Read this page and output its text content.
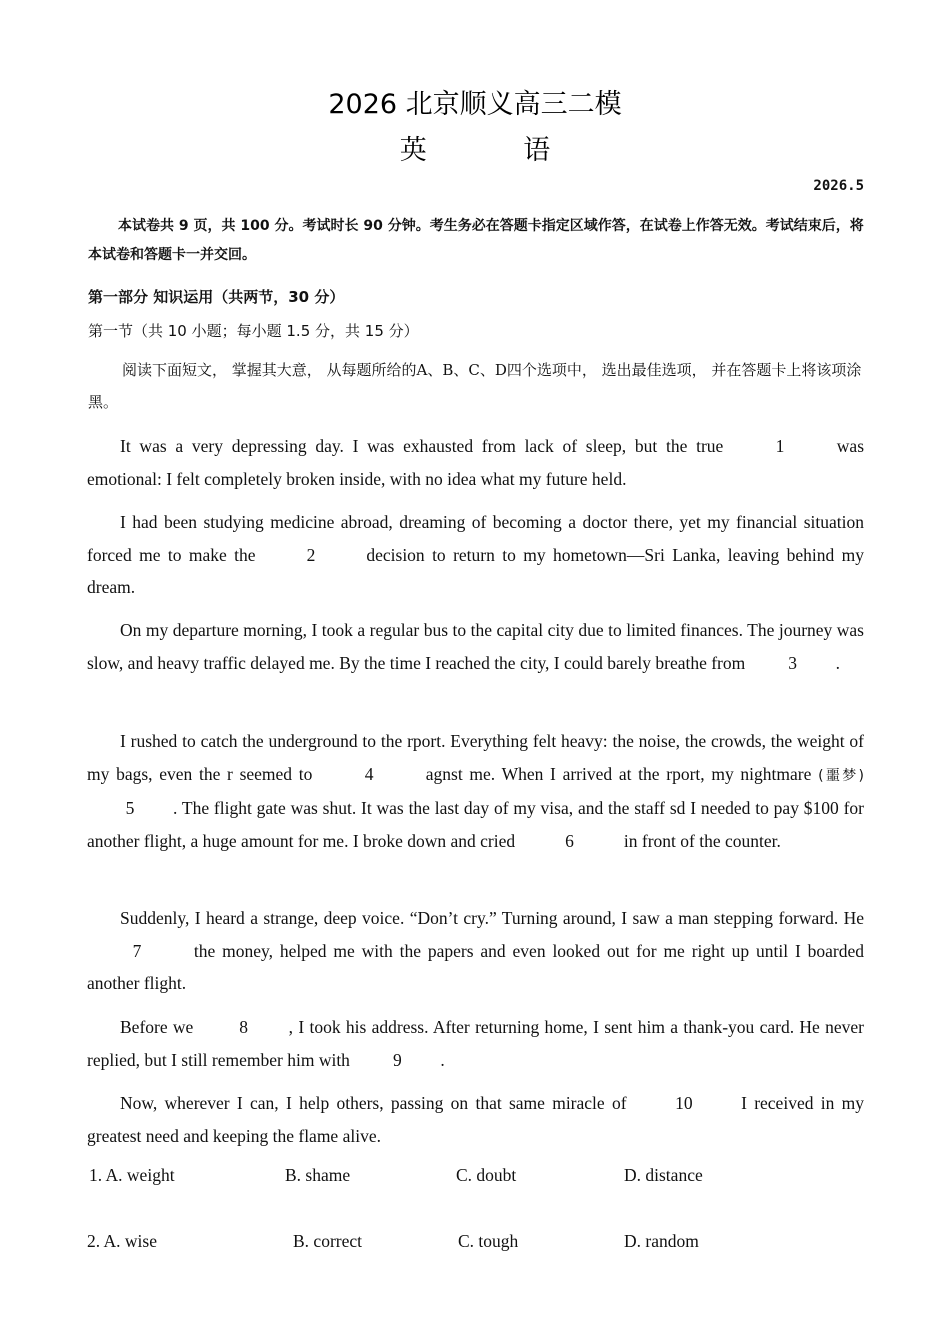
2026 北京顺义高三二模
英 语
2026.5

本试卷共 9 页，共 100 分。考试时长 90 分钟。考生务必在答题卡指定区域作答，在试卷上作答无效。考试结束后，将本试卷和答题卡一并交回。

第一部分 知识运用（共两节，30 分）
第一节（共 10 小题；每小题 1.5 分，共 15 分）

阅读下面短文， 掌握其大意， 从每题所给的A、B、C、D四个选项中， 选出最佳选项， 并在答题卡上将该项涂黑。

It was a very depressing day. I was exhausted from lack of sleep, but the true	1	was emotional: I felt completely broken inside, with no idea what my future held.

I had been studying medicine abroad, dreaming of becoming a doctor there, yet my financial situation forced me to make the	2	decision to return to my hometown—Sri Lanka, leaving behind my dream.

On my departure morning, I took a regular bus to the capital city due to limited finances. The journey was slow, and heavy traffic delayed me. By the time I reached the city, I could barely breathe from 3 .

I rushed to catch the underground to the rport. Everything felt heavy: the noise, the crowds, the weight of my bags, even the r seemed to	4	agnst me. When I arrived at the rport, my nightmare (噩梦) 5 . The flight gate was shut. It was the last day of my visa, and the staff sd I needed to pay $100 for another flight, a huge amount for me. I broke down and cried	6	in front of the counter.

Suddenly, I heard a strange, deep voice. “Don’t cry.” Turning around, I saw a man stepping forward. He 7	the money, helped me with the papers and even looked out for me right up until I boarded another flight.

Before we	8 , I took his address. After returning home, I sent him a thank-you card. He never replied, but I still remember him with 9 .

Now, wherever I can, I help others, passing on that same miracle of	10	I received in my greatest need and keeping the flame alive.

1. A. weight	B. shame	C. doubt	D. distance
2. A. wise	B. correct	C. tough	D. random
